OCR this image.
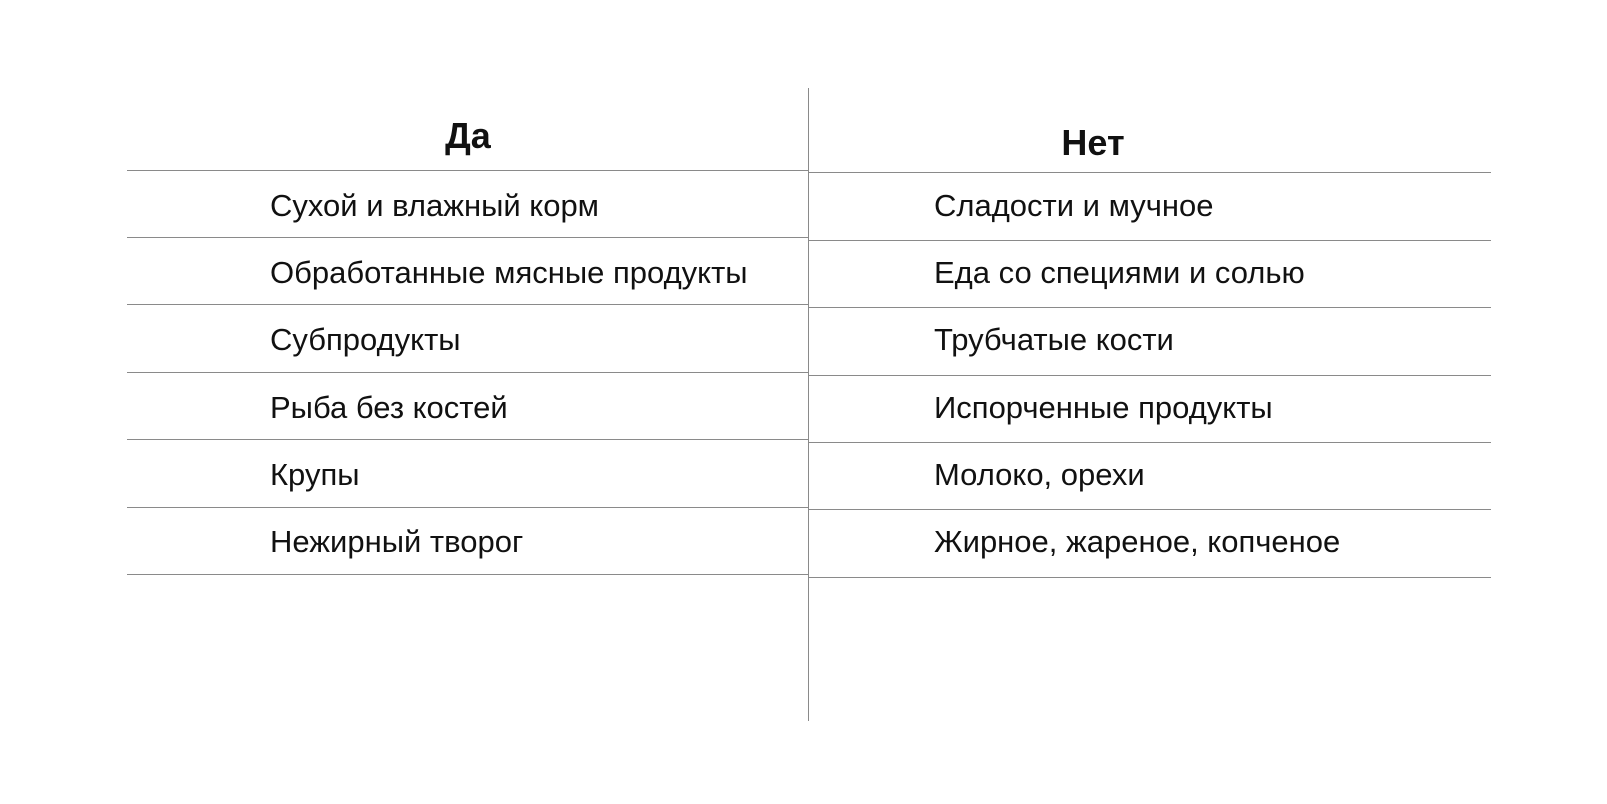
Да	Нет
Сухой и влажный корм
Обработанные мясные продукты
Субпродукты
Рыба без костей
Крупы
Нежирный творог
Сладости и мучное
Еда со специями и солью
Трубчатые кости
Испорченные продукты
Молоко, орехи
Жирное, жареное, копченое
